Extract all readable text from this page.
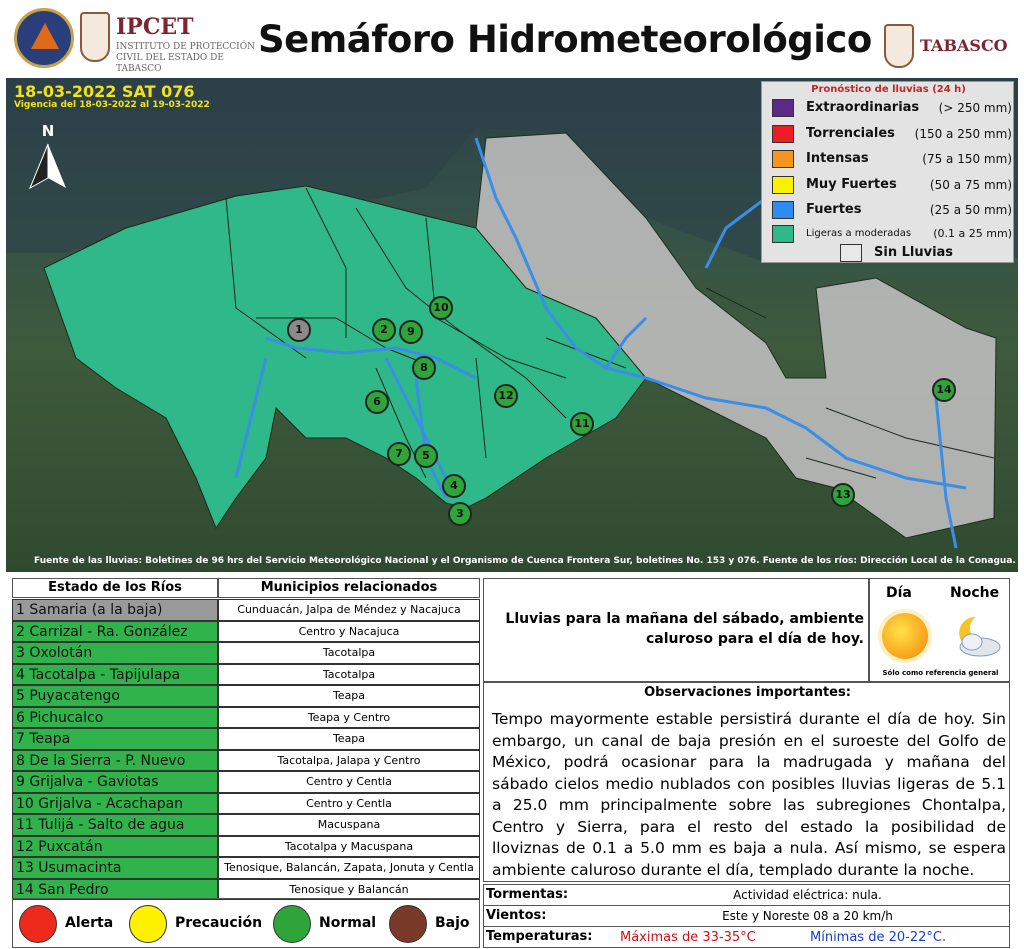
IPCET
INSTITUTO DE PROTECCIÓN CIVIL DEL ESTADO DE TABASCO
Semáforo Hidrometeorológico	TABASCO
18-03-2022 SAT 076
Vigencia del 18-03-2022 al 19-03-2022
N
Pronóstico de lluvias (24 h)
Extraordinarias (> 250 mm)
Torrenciales (150 a 250 mm)
Intensas	(75 a 150 mm)
Muy Fuertes	(50 a 75 mm)
Fuertes	(25 a 50 mm)
Ligeras a moderadas (0.1 a 25 mm)
Sin Lluvias
1	2
3
4
5
6
7
8
9
10
11
12
13
14
Fuente de las lluvias: Boletines de 96 hrs del Servicio Meteorológico Nacional y el Organismo de Cuenca Frontera Sur, boletines No. 153 y 076. Fuente de los ríos: Dirección Local de la Conagua.
Estado de los Ríos	Municipios relacionados
1 Samaria (a la baja)	Cunduacán, Jalpa de Méndez y Nacajuca
2 Carrizal - Ra. González	Centro y Nacajuca
3 Oxolotán	Tacotalpa
4 Tacotalpa - Tapijulapa	Tacotalpa
5 Puyacatengo	Teapa
6 Pichucalco	Teapa y Centro
7 Teapa	Teapa
8 De la Sierra - P. Nuevo	Tacotalpa, Jalapa y Centro
9 Grijalva - Gaviotas	Centro y Centla
10 Grijalva - Acachapan	Centro y Centla
11 Tulijá - Salto de agua	Macuspana
12 Puxcatán	Tacotalpa y Macuspana
13 Usumacinta	Tenosique, Balancán, Zapata, Jonuta y Centla
14 San Pedro	Tenosique y Balancán
Alerta	Precaución	Normal	Bajo
Lluvias para la mañana del sábado, ambiente caluroso para el día de hoy.
Día	Noche
Sólo como referencia general
Observaciones importantes:
Tempo mayormente estable persistirá durante el día de hoy. Sin embargo, un canal de baja presión en el suroeste del Golfo de México, podrá ocasionar para la madrugada y mañana del sábado cielos medio nublados con posibles lluvias ligeras de 5.1 a 25.0 mm principalmente sobre las subregiones Chontalpa, Centro y Sierra, para el resto del estado la posibilidad de lloviznas de 0.1 a 5.0 mm es baja a nula. Así mismo, se espera ambiente caluroso durante el día, templado durante la noche.
Tormentas:	Actividad eléctrica: nula.
Vientos:	Este y Noreste 08 a 20 km/h
Temperaturas: Máximas de 33-35°C	Mínimas de 20-22°C.
